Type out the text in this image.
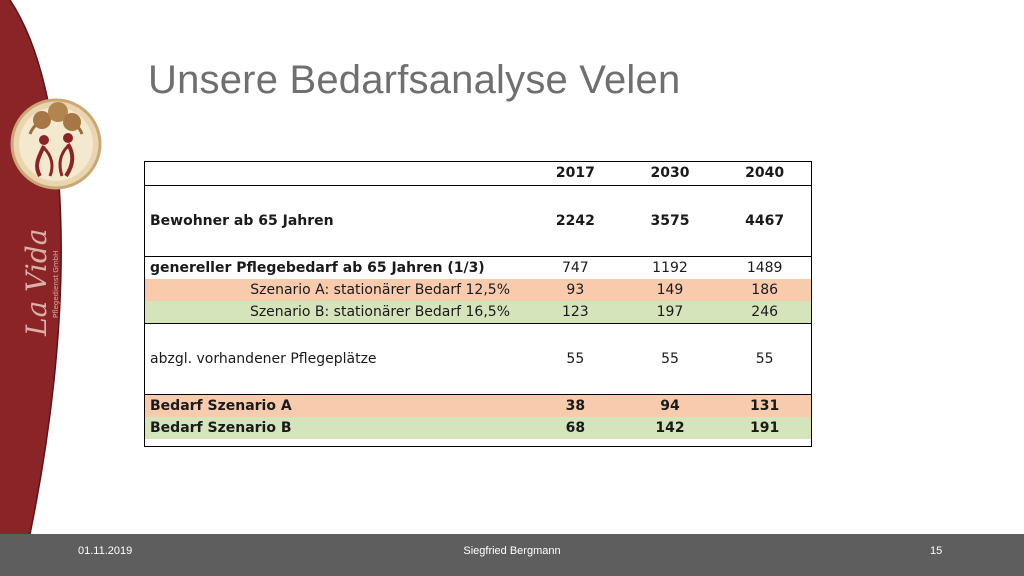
La Vida Pflegedienst GmbH
Unsere Bedarfsanalyse Velen
	2017	2030	2040
Bewohner ab 65 Jahren	2242	3575	4467
genereller Pflegebedarf ab 65 Jahren (1/3)	747	1192	1489
Szenario A: stationärer Bedarf 12,5%	93	149	186
Szenario B: stationärer Bedarf 16,5%	123	197	246
abzgl. vorhandener Pflegeplätze	55	55	55
Bedarf Szenario A	38	94	131
Bedarf Szenario B	68	142	191
Siegfried Bergmann
01.11.2019	15
